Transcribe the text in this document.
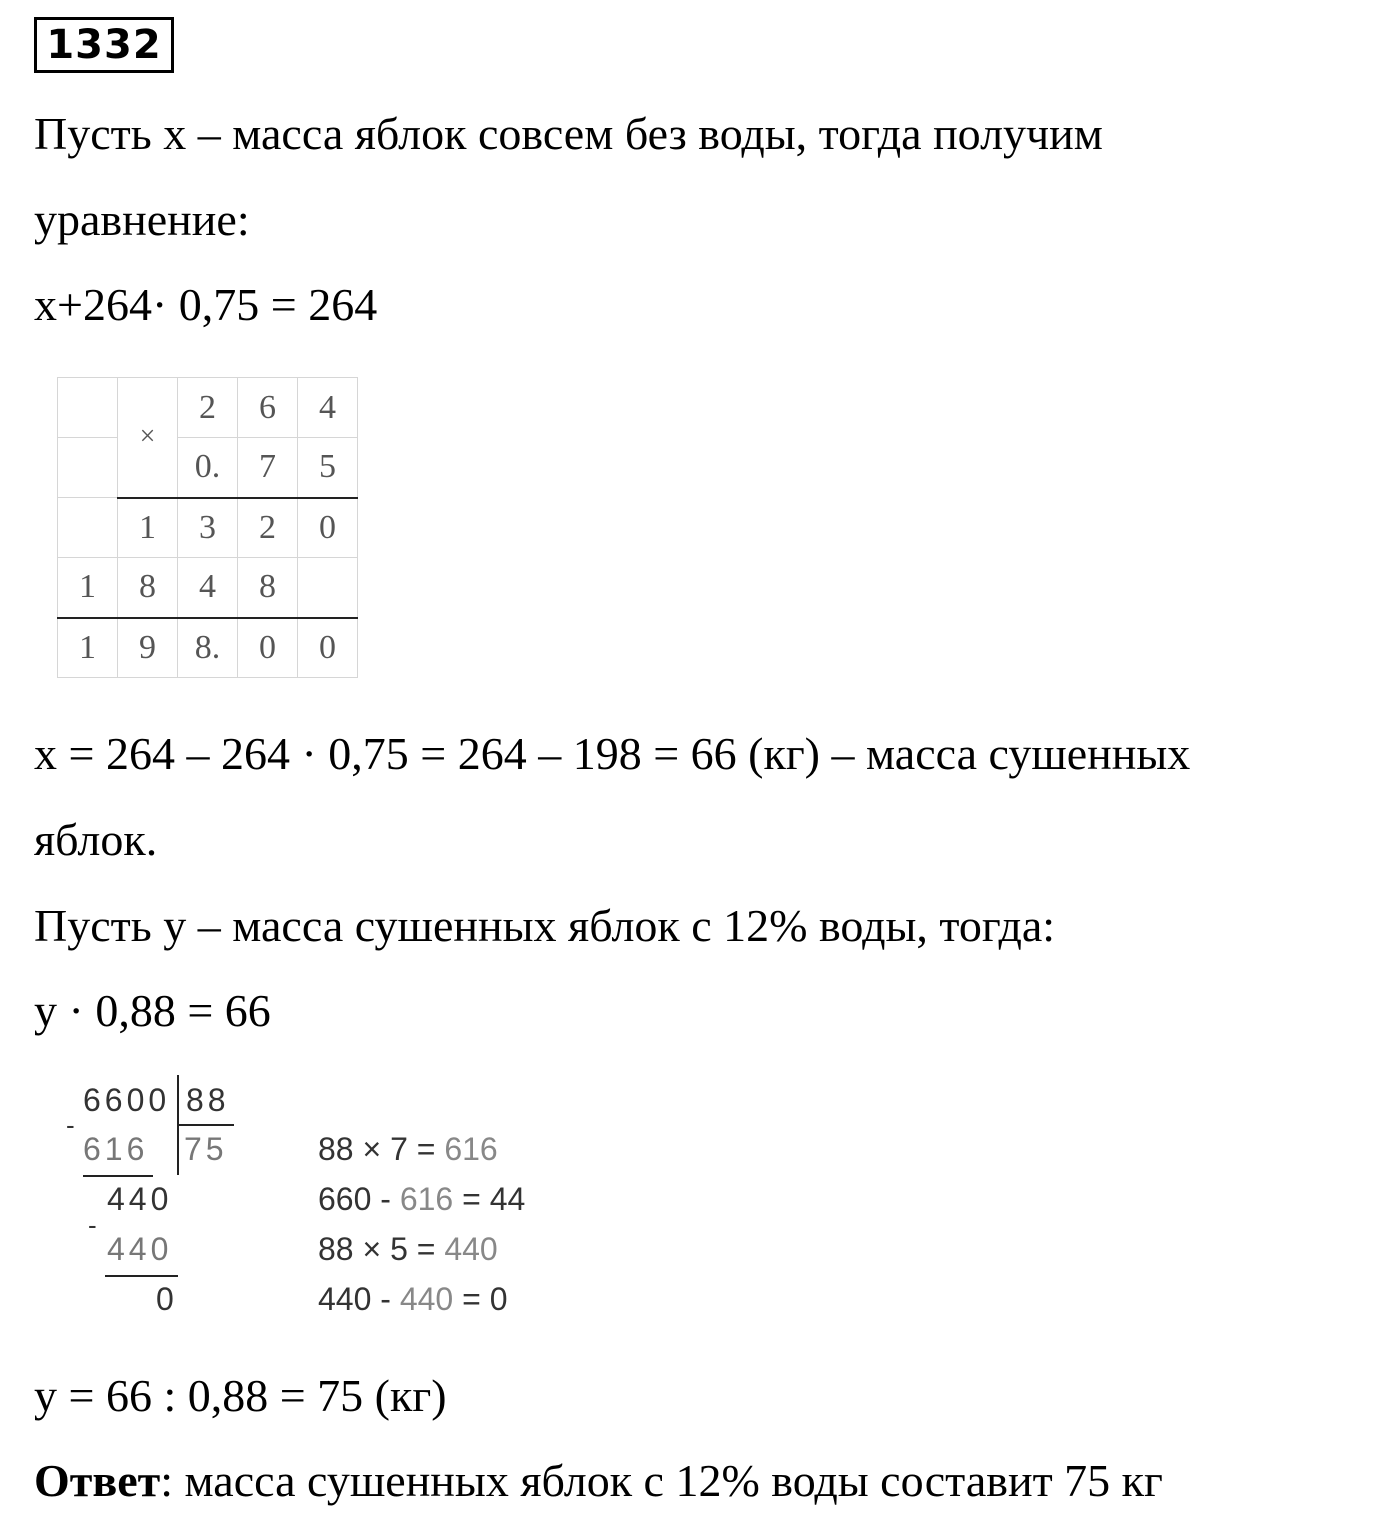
1332
Пусть х – масса яблок совсем без воды, тогда получим
уравнение:
х+264· 0,75 = 264
	×	2	6	4
		0.	7	5
	1	3	2	0
1	8	4	8	
1	9	8.	0	0
х = 264 – 264 · 0,75 = 264 – 198 = 66 (кг) – масса сушенных
яблок.
Пусть у – масса сушенных яблок с 12% воды, тогда:
у · 0,88 = 66
6600 88
-
616 75
440
-
440
0
88 × 7 = 616
660 - 616 = 44
88 × 5 = 440
440 - 440 = 0
у = 66 : 0,88 = 75 (кг)
Ответ: масса сушенных яблок с 12% воды составит 75 кг
